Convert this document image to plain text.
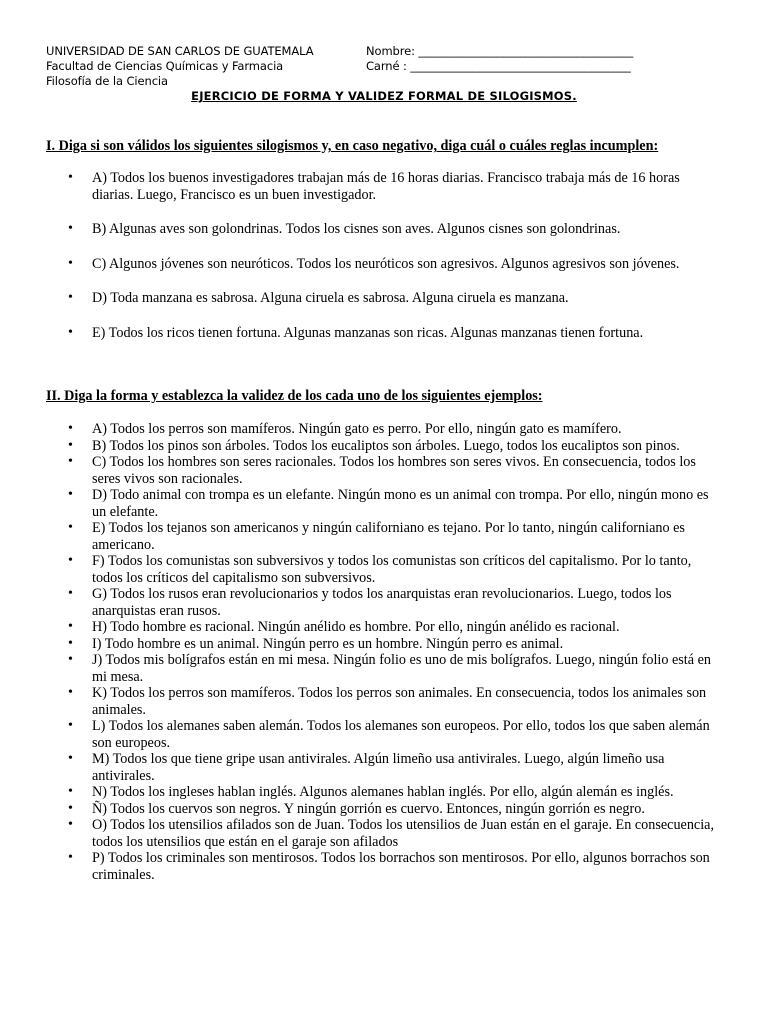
UNIVERSIDAD DE SAN CARLOS DE GUATEMALA
Facultad de Ciencias Químicas y Farmacia
Filosofía de la Ciencia
Nombre: ______________________________________
Carné : _______________________________________
EJERCICIO DE FORMA Y VALIDEZ FORMAL DE SILOGISMOS.
I. Diga si son válidos los siguientes silogismos y, en caso negativo, diga cuál o cuáles reglas incumplen:
• A) Todos los buenos investigadores trabajan más de 16 horas diarias. Francisco trabaja más de 16 horas diarias. Luego, Francisco es un buen investigador.
• B) Algunas aves son golondrinas. Todos los cisnes son aves. Algunos cisnes son golondrinas.
• C) Algunos jóvenes son neuróticos. Todos los neuróticos son agresivos. Algunos agresivos son jóvenes.
• D) Toda manzana es sabrosa. Alguna ciruela es sabrosa. Alguna ciruela es manzana.
• E) Todos los ricos tienen fortuna. Algunas manzanas son ricas. Algunas manzanas tienen fortuna.
II. Diga la forma y establezca la validez de los cada uno de los siguientes ejemplos:
• A) Todos los perros son mamíferos. Ningún gato es perro. Por ello, ningún gato es mamífero.
• B) Todos los pinos son árboles. Todos los eucaliptos son árboles. Luego, todos los eucaliptos son pinos.
• C) Todos los hombres son seres racionales. Todos los hombres son seres vivos. En consecuencia, todos los seres vivos son racionales.
• D) Todo animal con trompa es un elefante. Ningún mono es un animal con trompa. Por ello, ningún mono es un elefante.
• E) Todos los tejanos son americanos y ningún californiano es tejano. Por lo tanto, ningún californiano es americano.
• F) Todos los comunistas son subversivos y todos los comunistas son críticos del capitalismo. Por lo tanto, todos los críticos del capitalismo son subversivos.
• G) Todos los rusos eran revolucionarios y todos los anarquistas eran revolucionarios. Luego, todos los anarquistas eran rusos.
• H) Todo hombre es racional. Ningún anélido es hombre. Por ello, ningún anélido es racional.
• I) Todo hombre es un animal. Ningún perro es un hombre. Ningún perro es animal.
• J) Todos mis bolígrafos están en mi mesa. Ningún folio es uno de mis bolígrafos. Luego, ningún folio está en mi mesa.
• K) Todos los perros son mamíferos. Todos los perros son animales. En consecuencia, todos los animales son animales.
• L) Todos los alemanes saben alemán. Todos los alemanes son europeos. Por ello, todos los que saben alemán son europeos.
• M) Todos los que tiene gripe usan antivirales. Algún limeño usa antivirales. Luego, algún limeño usa antivirales.
• N) Todos los ingleses hablan inglés. Algunos alemanes hablan inglés. Por ello, algún alemán es inglés.
• Ñ) Todos los cuervos son negros. Y ningún gorrión es cuervo. Entonces, ningún gorrión es negro.
• O) Todos los utensilios afilados son de Juan. Todos los utensilios de Juan están en el garaje. En consecuencia, todos los utensilios que están en el garaje son afilados
• P) Todos los criminales son mentirosos. Todos los borrachos son mentirosos. Por ello, algunos borrachos son criminales.
